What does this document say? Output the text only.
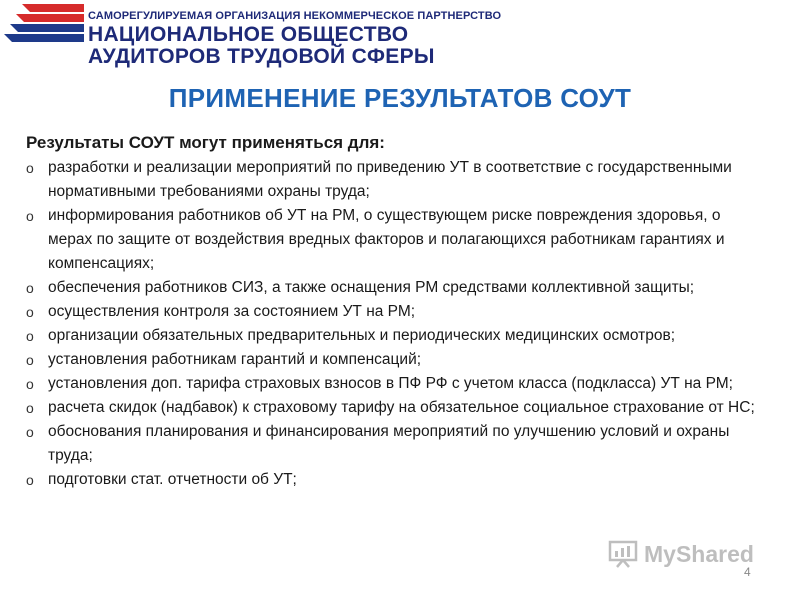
САМОРЕГУЛИРУЕМАЯ ОРГАНИЗАЦИЯ НЕКОММЕРЧЕСКОЕ ПАРТНЕРСТВО
НАЦИОНАЛЬНОЕ ОБЩЕСТВО
АУДИТОРОВ ТРУДОВОЙ СФЕРЫ
ПРИМЕНЕНИЕ РЕЗУЛЬТАТОВ СОУТ
Результаты СОУТ могут применяться для:
o разработки и реализации мероприятий по приведению УТ в соответствие с государственными нормативными требованиями охраны труда;
o информирования работников об УТ на РМ, о существующем риске повреждения здоровья, о мерах по защите от воздействия вредных факторов и полагающихся работникам гарантиях и компенсациях;
o обеспечения работников СИЗ, а также оснащения РМ средствами коллективной защиты;
o осуществления контроля за состоянием УТ на РМ;
o организации обязательных предварительных и периодических медицинских осмотров;
o установления работникам гарантий и компенсаций;
o установления доп. тарифа страховых взносов в ПФ РФ с учетом класса (подкласса) УТ на РМ;
o расчета скидок (надбавок) к страховому тарифу на обязательное социальное страхование от НС;
o обоснования планирования и финансирования мероприятий по улучшению условий и охраны труда;
o подготовки стат. отчетности об УТ;
MyShared
4
